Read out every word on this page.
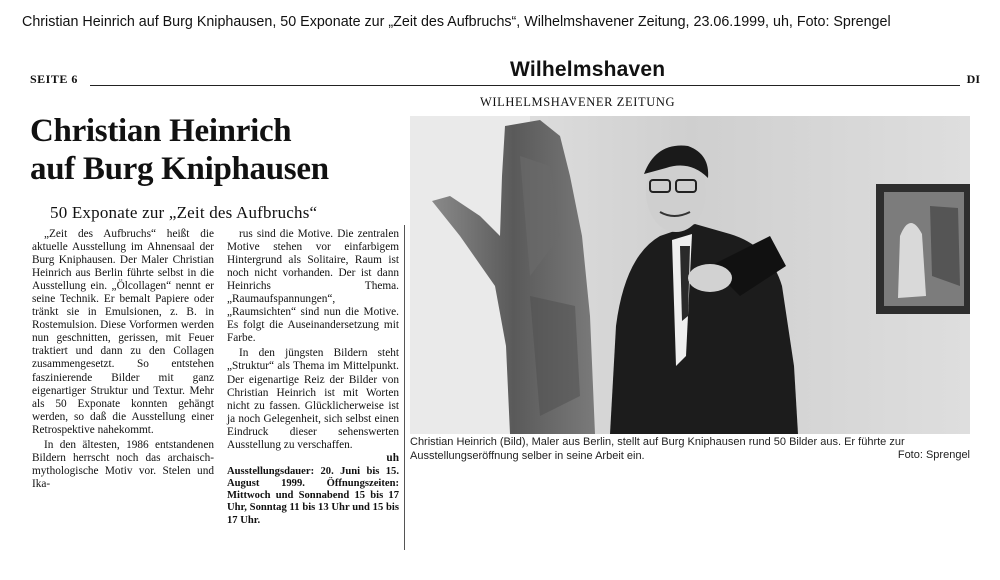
Christian Heinrich auf Burg Kniphausen, 50 Exponate zur „Zeit des Aufbruchs“, Wilhelmshavener Zeitung, 23.06.1999, uh, Foto: Sprengel
SEITE 6	Wilhelmshaven	DI
WILHELMSHAVENER ZEITUNG
Christian Heinrich
auf Burg Kniphausen
50 Exponate zur „Zeit des Aufbruchs“

„Zeit des Aufbruchs“ heißt die aktuelle Ausstellung im Ahnensaal der Burg Kniphausen. Der Maler Christian Heinrich aus Berlin führte selbst in die Ausstellung ein. „Ölcollagen“ nennt er seine Technik. Er bemalt Papiere oder tränkt sie in Emulsionen, z. B. in Rostemulsion. Diese Vorformen werden nun geschnitten, gerissen, mit Feuer traktiert und dann zu den Collagen zusammengesetzt. So entstehen faszinierende Bilder mit ganz eigenartiger Struktur und Textur. Mehr als 50 Exponate konnten gehängt werden, so daß die Ausstellung einer Retrospektive nahekommt.

In den ältesten, 1986 entstandenen Bildern herrscht noch das archaisch-mythologische Motiv vor. Stelen und Ika-

rus sind die Motive. Die zentralen Motive stehen vor einfarbigem Hintergrund als Solitaire, Raum ist noch nicht vorhanden. Der ist dann Heinrichs Thema. „Raumaufspannungen“, „Raumsichten“ sind nun die Motive. Es folgt die Auseinandersetzung mit Farbe.

In den jüngsten Bildern steht „Struktur“ als Thema im Mittelpunkt. Der eigenartige Reiz der Bilder von Christian Heinrich ist mit Worten nicht zu fassen. Glücklicherweise ist ja noch Gelegenheit, sich selbst einen Eindruck dieser sehenswerten Ausstellung zu verschaffen.

uh
Ausstellungsdauer: 20. Juni bis 15. August 1999. Öffnungszeiten: Mittwoch und Sonnabend 15 bis 17 Uhr, Sonntag 11 bis 13 Uhr und 15 bis 17 Uhr.
Christian Heinrich (Bild), Maler aus Berlin, stellt auf Burg Kniphausen rund 50 Bilder aus. Er führte zur Ausstellungseröffnung selber in seine Arbeit ein.	Foto: Sprengel
